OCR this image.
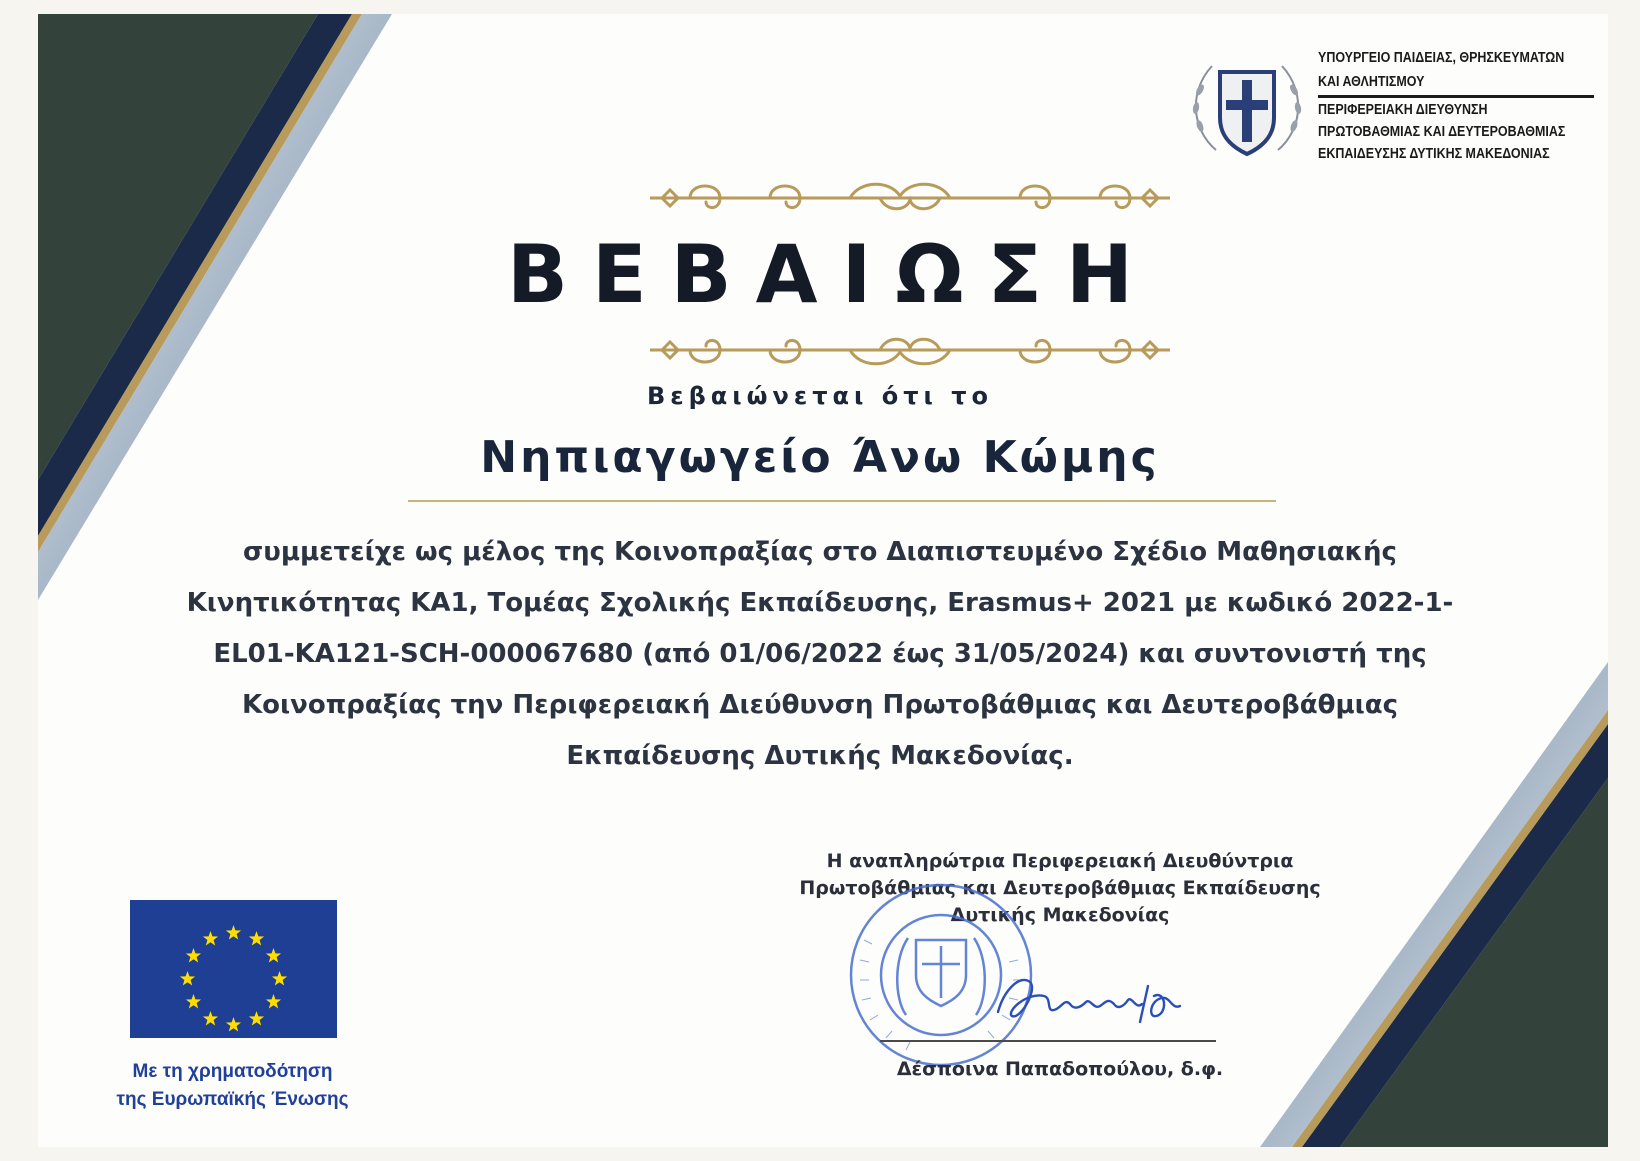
ΥΠΟΥΡΓΕΙΟ ΠΑΙΔΕΙΑΣ, ΘΡΗΣΚΕΥΜΑΤΩΝ

ΚΑΙ ΑΘΛΗΤΙΣΜΟΥ

ΠΕΡΙΦΕΡΕΙΑΚΗ ΔΙΕΥΘΥΝΣΗ

ΠΡΩΤΟΒΑΘΜΙΑΣ ΚΑΙ ΔΕΥΤΕΡΟΒΑΘΜΙΑΣ

ΕΚΠΑΙΔΕΥΣΗΣ ΔΥΤΙΚΗΣ ΜΑΚΕΔΟΝΙΑΣ

ΒΕΒΑΙΩΣΗ

Βεβαιώνεται ότι το

Νηπιαγωγείο Άνω Κώμης

συμμετείχε ως μέλος της Κοινοπραξίας στο Διαπιστευμένο Σχέδιο Μαθησιακής Κινητικότητας ΚΑ1, Τομέας Σχολικής Εκπαίδευσης, Erasmus+ 2021 με κωδικό 2022-1-EL01-KA121-SCH-000067680 (από 01/06/2022 έως 31/05/2024) και συντονιστή της Κοινοπραξίας την Περιφερειακή Διεύθυνση Πρωτοβάθμιας και Δευτεροβάθμιας Εκπαίδευσης Δυτικής Μακεδονίας.

Η αναπληρώτρια Περιφερειακή Διευθύντρια
Πρωτοβάθμιας και Δευτεροβάθμιας Εκπαίδευσης
Δυτικής Μακεδονίας

Δέσποινα Παπαδοπούλου, δ.φ.

Με τη χρηματοδότηση
της Ευρωπαϊκής Ένωσης
